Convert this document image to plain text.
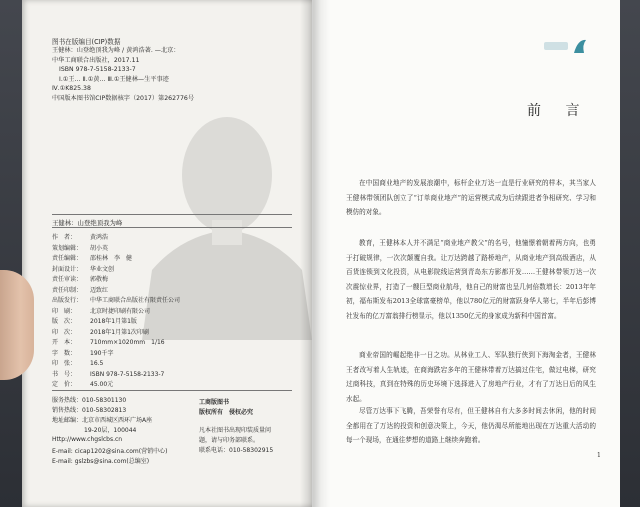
图书在版编目(CIP)数据
王健林：山登绝顶我为峰 / 黄鸿浩著. —北京：
中华工商联合出版社，2017.11
ISBN 978-7-5158-2133-7
Ⅰ.①王… Ⅱ.①黄… Ⅲ.①王健林—生平事迹
Ⅳ.①K825.38
中国版本图书馆CIP数据核字（2017）第262776号
王健林：山登绝顶我为峰
作　者： 黄鸿浩
策划编辑： 胡小英
责任编辑： 邵桂林　李　健
封面设计： 华业文创
责任审读： 郭敬梅
责任印制： 迈致红
出版发行： 中华工商联合出版社有限责任公司
印　刷： 北京时捷印刷有限公司
版　次： 2018年1月第1版
印　次： 2018年1月第1次印刷
开　本： 710mm×1020mm　1/16
字　数： 190千字
印　张： 16.5
书　号： ISBN 978-7-5158-2133-7
定　价： 45.00元
服务热线：010-58301130
销售热线：010-58302813
地址邮编：北京市西城区西环广场A座
19-20层，100044
Http://www.chgslcbs.cn
E-mail: cicap1202@sina.com(营销中心)
E-mail: gslzbs@sina.com(总编室)
工商版图书
版权所有　侵权必究
凡本社图书出现印装质量问
题，请与印务部联系。
联系电话：010-58302915
前 言
在中国商业地产的发展浪潮中，标杆企业万达一直是行业研究的样本，其当家人王健林带领团队创立了“订单商业地产”的运营模式成为后续跟进者争相研究、学习和模仿的对象。
教育，王健林本人并不满足“商业地产教父”的名号，他憧憬着朝着两方向，也勇于打破规律，一次次颠覆自我。让万达跨越了路桥地产，从商业地产到高级酒店，从百货连锁到文化投资，从电影院线运营到青岛东方影都开发……王健林带领万达一次次震惊业界，打造了一艘巨型商业航母，他自己的财富也呈几何倍数增长：2013年年初，福布斯发布2013全球富豪榜单，他以780亿元的财富跃身华人第七，半年后彭博社发布的亿万富翁排行榜显示，他以1350亿元的身家成为新科中国首富。
商业帝国的崛起绝非一日之功。从林业工人、军队独行侠到下海淘金者，王健林王者改写着人生轨迹，在商海跌宕多年的王健林带着万达搞过住宅，做过电梯，研究过商科技，真到在特殊的历史环境下选择进入了房地产行业，才有了万达日后的风生水起。
尽管万达事下飞腾，吾荣誉有尽有，但王健林自有大多多时间去休闲，他的时间全都用在了万达的投资和创意决策上，今天，他仍渴尽所能地出现在万达重大活动的每一个现场，在通往梦想的道路上继续奔跑着。
1
